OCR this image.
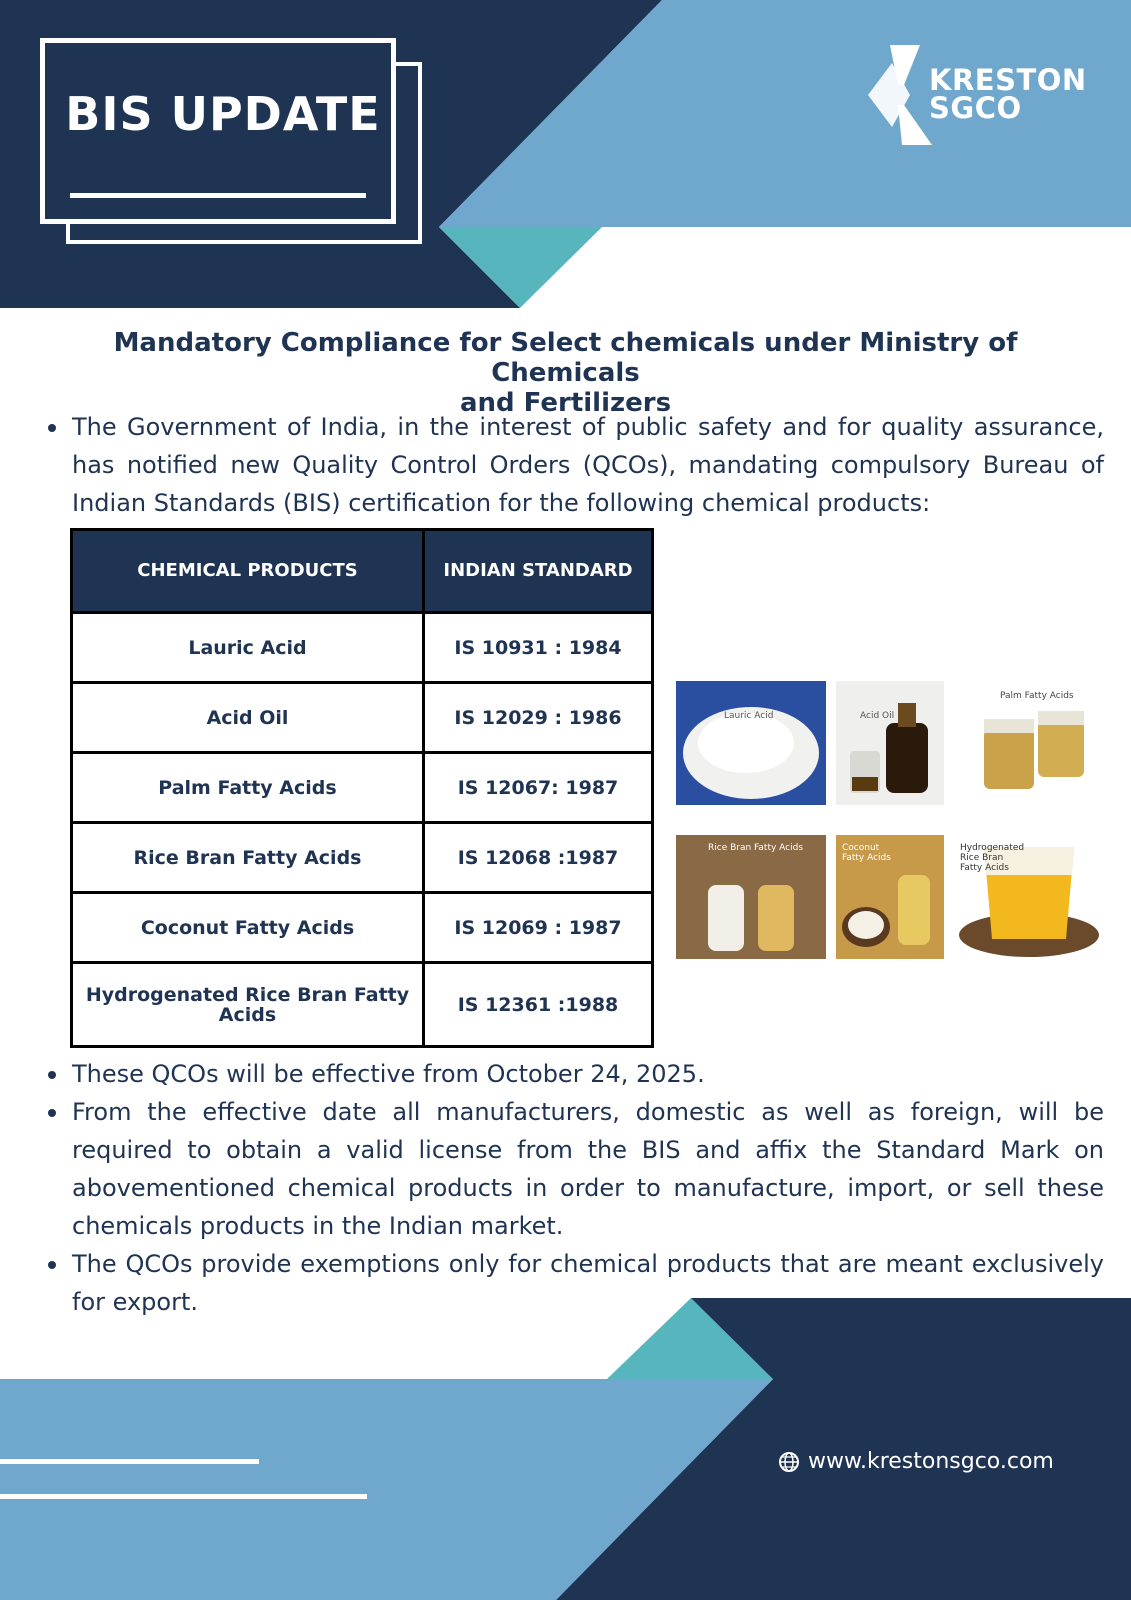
BIS UPDATE
KRESTON
SGCO
Mandatory Compliance for Select chemicals under Ministry of Chemicals
and Fertilizers
The Government of India, in the interest of public safety and for quality assurance, has notified new Quality Control Orders (QCOs), mandating compulsory Bureau of Indian Standards (BIS) certification for the following chemical products:
CHEMICAL PRODUCTS	INDIAN STANDARD
Lauric Acid	IS 10931 : 1984
Acid Oil	IS 12029 : 1986
Palm Fatty Acids	IS 12067: 1987
Rice Bran Fatty Acids	IS 12068 :1987
Coconut Fatty Acids	IS 12069 : 1987
Hydrogenated Rice Bran Fatty Acids	IS 12361 :1988
Lauric Acid	Acid Oil
Palm Fatty Acids
Rice Bran Fatty Acids	Coconut Fatty Acids
Hydrogenated Rice Bran Fatty Acids
These QCOs will be effective from October 24, 2025.
From the effective date all manufacturers, domestic as well as foreign, will be required to obtain a valid license from the BIS and affix the Standard Mark on abovementioned chemical products in order to manufacture, import, or sell these chemicals products in the Indian market.
The QCOs provide exemptions only for chemical products that are meant exclusively for export.
www.krestonsgco.com
